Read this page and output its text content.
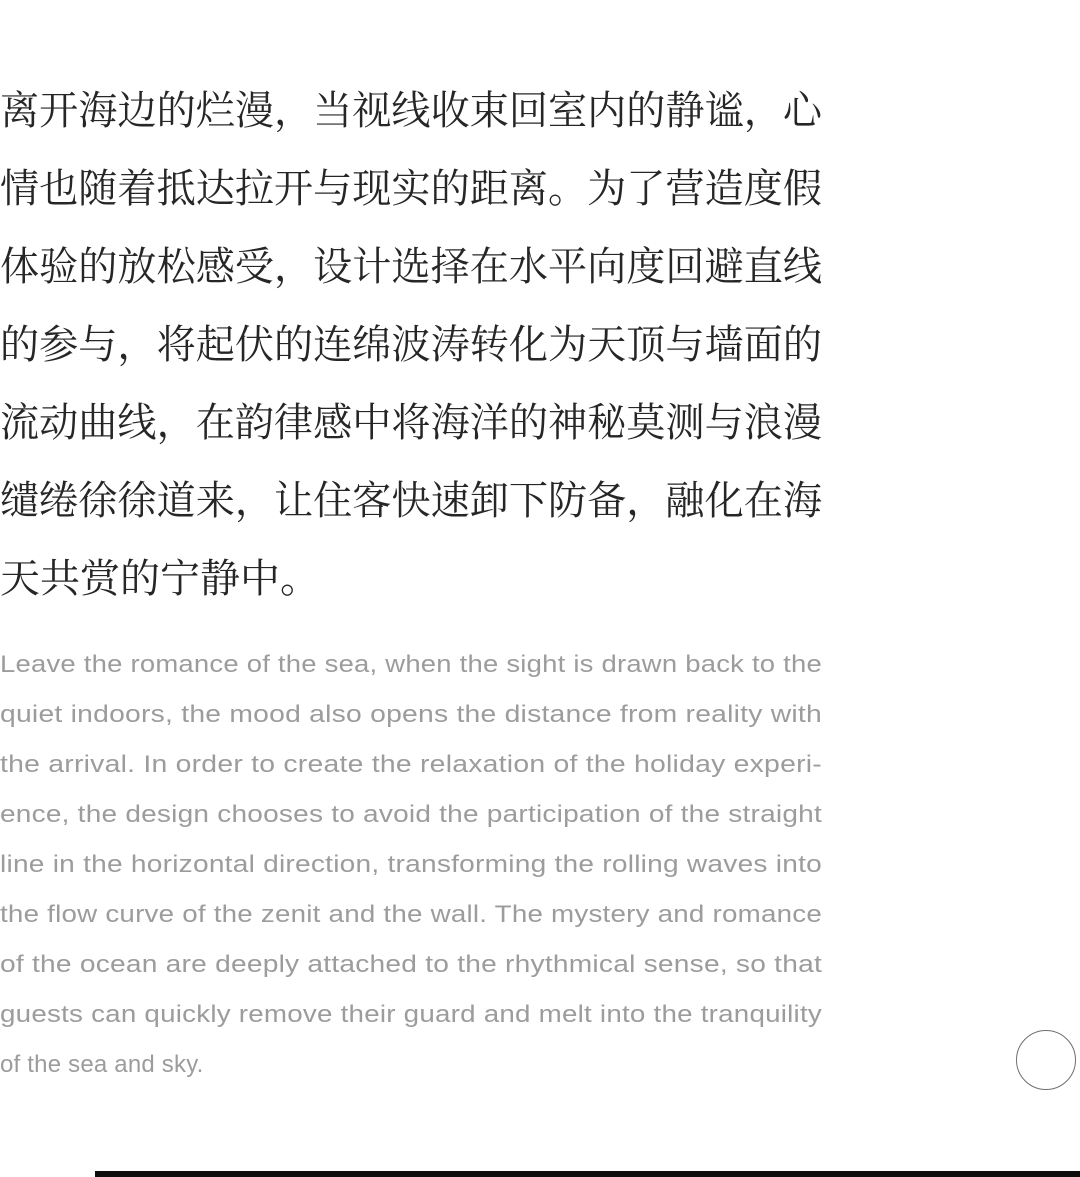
离开海边的烂漫，当视线收束回室内的静谧，心
情也随着抵达拉开与现实的距离。为了营造度假
体验的放松感受，设计选择在水平向度回避直线
的参与，将起伏的连绵波涛转化为天顶与墙面的
流动曲线，在韵律感中将海洋的神秘莫测与浪漫
缱绻徐徐道来，让住客快速卸下防备，融化在海
天共赏的宁静中。
Leave the romance of the sea, when the sight is drawn back to the
quiet indoors, the mood also opens the distance from reality with
the arrival. In order to create the relaxation of the holiday experi-
ence, the design chooses to avoid the participation of the straight
line in the horizontal direction, transforming the rolling waves into
the flow curve of the zenit and the wall. The mystery and romance
of the ocean are deeply attached to the rhythmical sense, so that
guests can quickly remove their guard and melt into the tranquility
of the sea and sky.
